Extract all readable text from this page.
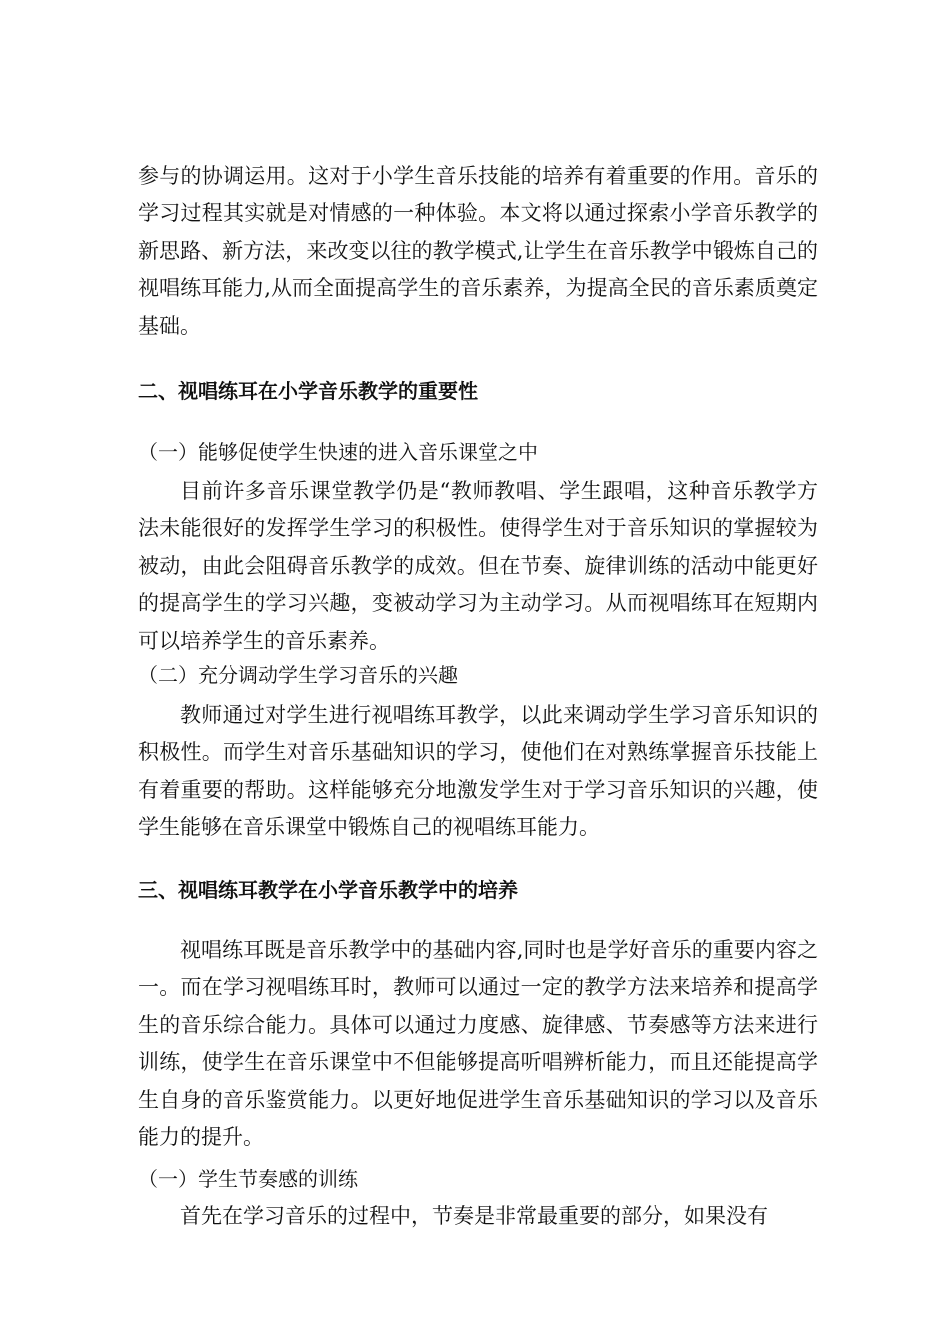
参与的协调运用。这对于小学生音乐技能的培养有着重要的作用。音乐的学习过程其实就是对情感的一种体验。本文将以通过探索小学音乐教学的新思路、新方法，来改变以往的教学模式,让学生在音乐教学中锻炼自己的视唱练耳能力,从而全面提高学生的音乐素养，为提高全民的音乐素质奠定基础。

二、视唱练耳在小学音乐教学的重要性

（一）能够促使学生快速的进入音乐课堂之中

目前许多音乐课堂教学仍是“教师教唱、学生跟唱，这种音乐教学方法未能很好的发挥学生学习的积极性。使得学生对于音乐知识的掌握较为被动，由此会阻碍音乐教学的成效。但在节奏、旋律训练的活动中能更好的提高学生的学习兴趣，变被动学习为主动学习。从而视唱练耳在短期内可以培养学生的音乐素养。

（二）充分调动学生学习音乐的兴趣

教师通过对学生进行视唱练耳教学，以此来调动学生学习音乐知识的积极性。而学生对音乐基础知识的学习，使他们在对熟练掌握音乐技能上有着重要的帮助。这样能够充分地激发学生对于学习音乐知识的兴趣，使学生能够在音乐课堂中锻炼自己的视唱练耳能力。

三、视唱练耳教学在小学音乐教学中的培养

视唱练耳既是音乐教学中的基础内容,同时也是学好音乐的重要内容之一。而在学习视唱练耳时，教师可以通过一定的教学方法来培养和提高学生的音乐综合能力。具体可以通过力度感、旋律感、节奏感等方法来进行训练，使学生在音乐课堂中不但能够提高听唱辨析能力，而且还能提高学生自身的音乐鉴赏能力。以更好地促进学生音乐基础知识的学习以及音乐能力的提升。

（一）学生节奏感的训练

首先在学习音乐的过程中，节奏是非常最重要的部分，如果没有
